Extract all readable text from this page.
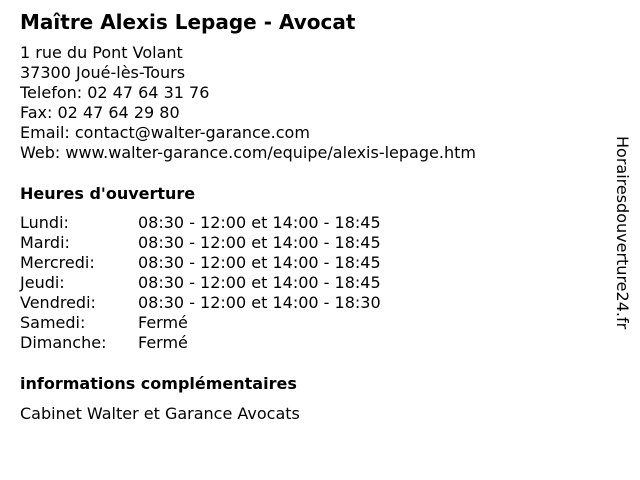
Maître Alexis Lepage - Avocat
1 rue du Pont Volant
37300 Joué-lès-Tours
Telefon: 02 47 64 31 76
Fax: 02 47 64 29 80
Email: contact@walter-garance.com
Web: www.walter-garance.com/equipe/alexis-lepage.htm
Heures d'ouverture
Lundi:	08:30 - 12:00 et 14:00 - 18:45
Mardi:	08:30 - 12:00 et 14:00 - 18:45
Mercredi:	08:30 - 12:00 et 14:00 - 18:45
Jeudi:	08:30 - 12:00 et 14:00 - 18:45
Vendredi:	08:30 - 12:00 et 14:00 - 18:30
Samedi:	Fermé
Dimanche:	Fermé
informations complémentaires
Cabinet Walter et Garance Avocats
Horairesdouverture24.fr
